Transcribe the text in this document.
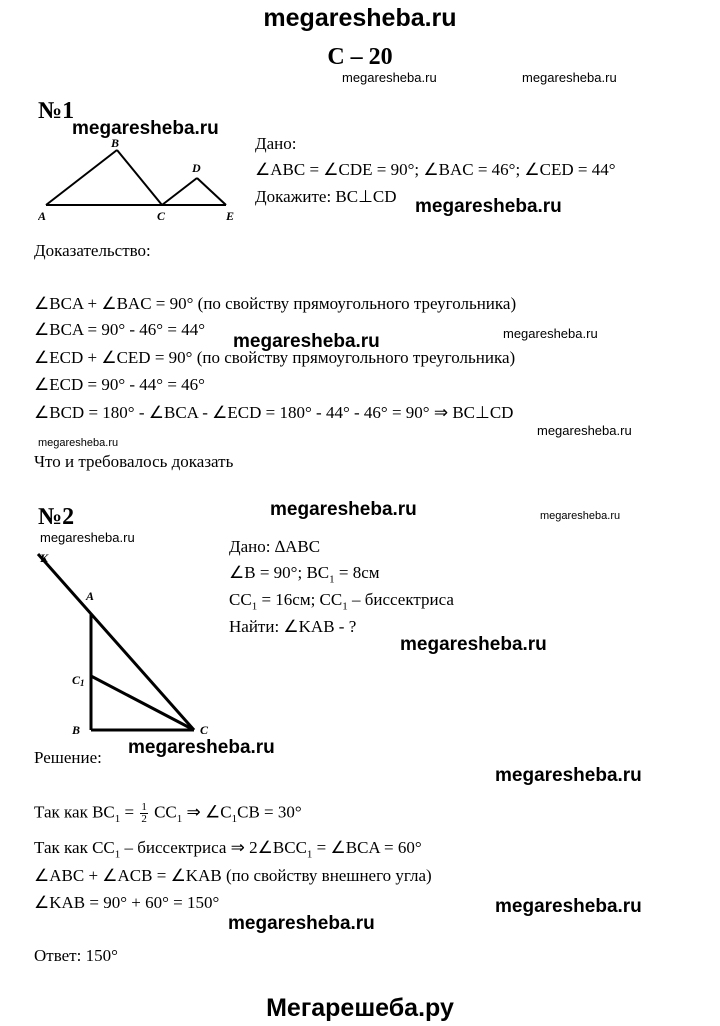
megaresheba.ru
Мегарешеба.ру
С – 20
megaresheba.ru	megaresheba.ru
megaresheba.ru
megaresheba.ru
megaresheba.ru	megaresheba.ru
megaresheba.ru
megaresheba.ru
megaresheba.ru	megaresheba.ru
megaresheba.ru
megaresheba.ru
megaresheba.ru
megaresheba.ru
megaresheba.ru
megaresheba.ru
№1
A
B
C
D
E
Дано:
∠ABC = ∠CDE = 90°; ∠BAC = 46°; ∠CED = 44°
Докажите: BC⊥CD
Доказательство:
∠BCA + ∠BAC = 90° (по свойству прямоугольного треугольника)
∠BCA = 90° - 46° = 44°
∠ECD + ∠CED = 90° (по свойству прямоугольного треугольника)
∠ECD = 90° - 44° = 46°
∠BCD = 180° - ∠BCA - ∠ECD = 180° - 44° - 46° = 90° ⇒ BC⊥CD
Что и требовалось доказать
№2
K
A
C1
B	C
Дано: ∆ABC
∠B = 90°; $BC_1 = 8см$
$CC_1 = 16см$; $CC_1$ – биссектриса
Найти: ∠KAB - ?
Решение:
Так как $BC_1 = \frac{1}{2} CC_1$ ⇒ $\angle C_1CB = 30^\circ$
Так как $CC_1$ – биссектриса ⇒ $2\angle BCC_1$ = ∠BCA = 60°
∠ABC + ∠ACB = ∠KAB (по свойству внешнего угла)
∠KAB = 90° + 60° = 150°
Ответ: 150°
